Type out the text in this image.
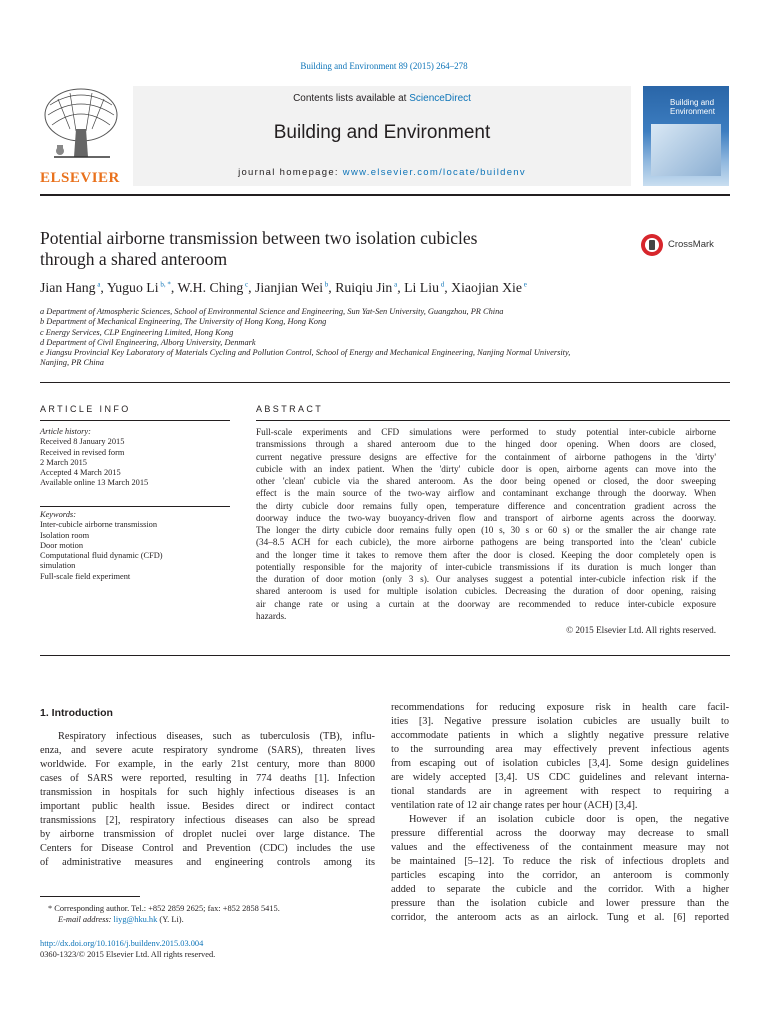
Building and Environment 89 (2015) 264–278
ELSEVIER
Contents lists available at ScienceDirect
Building and Environment
journal homepage: www.elsevier.com/locate/buildenv
Building and
Environment
Potential airborne transmission between two isolation cubicles
through a shared anteroom
CrossMark
Jian Hang $^a$, Yuguo Li $^{b, *}$, W.H. Ching $^c$, Jianjian Wei $^b$, Ruiqiu Jin $^a$, Li Liu $^d$, Xiaojian Xie $^e$
a Department of Atmospheric Sciences, School of Environmental Science and Engineering, Sun Yat-Sen University, Guangzhou, PR China
b Department of Mechanical Engineering, The University of Hong Kong, Hong Kong
c Energy Services, CLP Engineering Limited, Hong Kong
d Department of Civil Engineering, Alborg University, Denmark
e Jiangsu Provincial Key Laboratory of Materials Cycling and Pollution Control, School of Energy and Mechanical Engineering, Nanjing Normal University,
Nanjing, PR China
ARTICLE INFO
Article history:
Received 8 January 2015
Received in revised form
2 March 2015
Accepted 4 March 2015
Available online 13 March 2015
Keywords:
Inter-cubicle airborne transmission
Isolation room
Door motion
Computational fluid dynamic (CFD)
simulation
Full-scale field experiment
ABSTRACT
Full-scale experiments and CFD simulations were performed to study potential inter-cubicle airborne
transmissions through a shared anteroom due to the hinged door opening. When doors are closed,
current negative pressure designs are effective for the containment of airborne pathogens in the 'dirty'
cubicle with an index patient. When the 'dirty' cubicle door is open, airborne agents can move into the
other 'clean' cubicle via the shared anteroom. As the door being opened or closed, the door sweeping
effect is the main source of the two-way airflow and contaminant exchange through the doorway. When
the dirty cubicle door remains fully open, temperature difference and concentration gradient across the
doorway induce the two-way buoyancy-driven flow and transport of airborne agents across the doorway.
The longer the dirty cubicle door remains fully open (10 s, 30 s or 60 s) or the smaller the air change rate
(34–8.5 ACH for each cubicle), the more airborne pathogens are being transported into the 'clean' cubicle
and the longer time it takes to remove them after the door is closed. Keeping the door completely open is
potentially responsible for the majority of inter-cubicle transmissions if its duration is much longer than
the duration of door motion (only 3 s). Our analyses suggest a potential inter-cubicle infection risk if the
shared anteroom is used for multiple isolation cubicles. Decreasing the duration of door opening, raising
air change rate or using a curtain at the doorway are recommended to reduce inter-cubicle exposure
hazards.
© 2015 Elsevier Ltd. All rights reserved.
1. Introduction
Respiratory infectious diseases, such as tuberculosis (TB), influ-
enza, and severe acute respiratory syndrome (SARS), threaten lives
worldwide. For example, in the early 21st century, more than 8000
cases of SARS were reported, resulting in 774 deaths [1]. Infection
transmission in hospitals for such highly infectious diseases is an
important public health issue. Besides direct or indirect contact
transmissions [2], respiratory infectious diseases can also be spread
by airborne transmission of droplet nuclei over large distance. The
Centers for Disease Control and Prevention (CDC) includes the use
of administrative measures and engineering controls among its
recommendations for reducing exposure risk in health care facil-
ities [3]. Negative pressure isolation cubicles are usually built to
accommodate patients in which a slightly negative pressure relative
to the surrounding area may effectively prevent infectious agents
from escaping out of isolation cubicles [3,4]. Some design guidelines
are widely accepted [3,4]. US CDC guidelines and relevant interna-
tional standards are in agreement with respect to requiring a
ventilation rate of 12 air change rates per hour (ACH) [3,4].
However if an isolation cubicle door is open, the negative
pressure differential across the doorway may decrease to small
values and the effectiveness of the containment measure may not
be maintained [5–12]. To reduce the risk of infectious droplets and
particles escaping into the corridor, an anteroom is commonly
added to separate the cubicle and the corridor. With a higher
pressure than the isolation cubicle and lower pressure than the
corridor, the anteroom acts as an airlock. Tung et al. [6] reported
* Corresponding author. Tel.: +852 2859 2625; fax: +852 2858 5415.
E-mail address: liyg@hku.hk (Y. Li).
http://dx.doi.org/10.1016/j.buildenv.2015.03.004
0360-1323/© 2015 Elsevier Ltd. All rights reserved.
